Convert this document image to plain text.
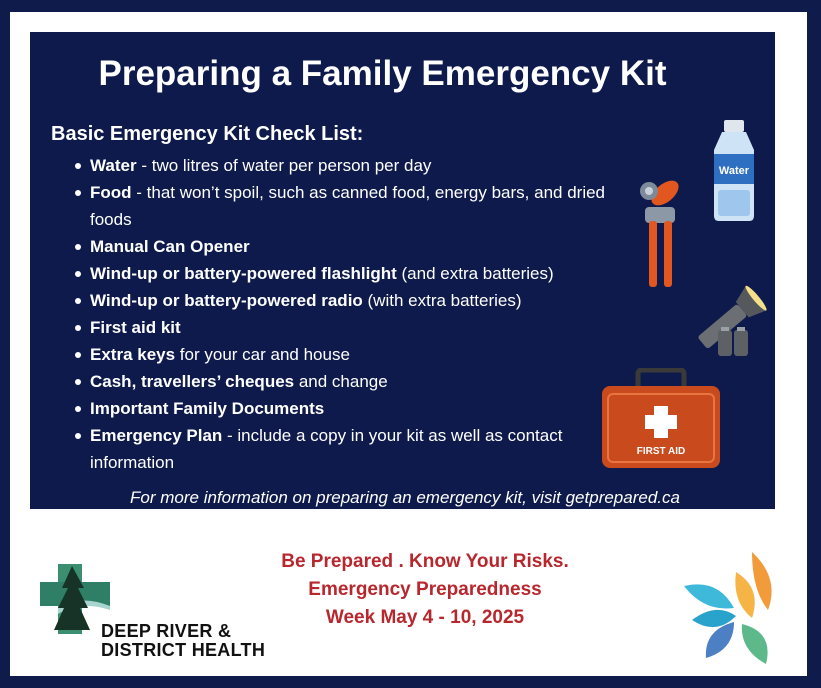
Preparing a Family Emergency Kit
Basic Emergency Kit Check List:
Water - two litres of water per person per day
Food - that won’t spoil, such as canned food, energy bars, and dried foods
Manual Can Opener
Wind-up or battery-powered flashlight (and extra batteries)
Wind-up or battery-powered radio (with extra batteries)
First aid kit
Extra keys for your car and house
Cash, travellers’ cheques and change
Important Family Documents
Emergency Plan - include a copy in your kit as well as contact information
For more information on preparing an emergency kit, visit getprepared.ca
Water
FIRST AID
DEEP RIVER &
DISTRICT HEALTH
Be Prepared . Know Your Risks.
Emergency Preparedness
Week May 4 - 10, 2025
